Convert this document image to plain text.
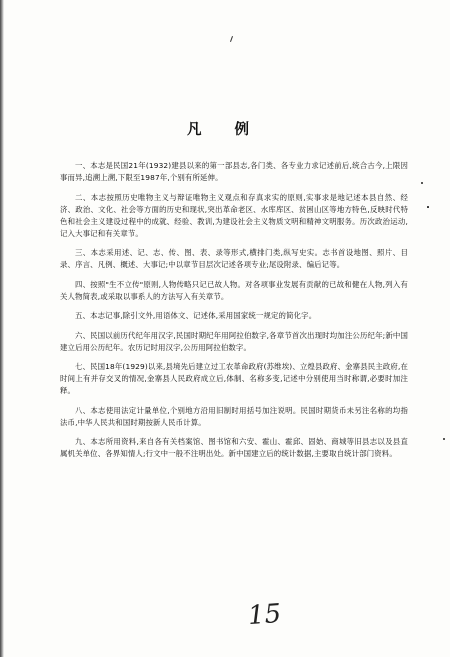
凡 例

一、本志是民国21年(1932)建县以来的第一部县志,各门类、各专业力求记述前后,统合古今,上限因事而异,追溯上溯,下限至1987年,个别有所延伸。

二、本志按照历史唯物主义与辩证唯物主义观点和存真求实的原则,实事求是地记述本县自然、经济、政治、文化、社会等方面的历史和现状,突出革命老区、水库库区、贫困山区等地方特色,反映时代特色和社会主义建设过程中的成就、经验、教训,为建设社会主义物质文明和精神文明服务。历次政治运动,记入大事记和有关章节。

三、本志采用述、记、志、传、图、表、录等形式,横排门类,纵写史实。志书首设地图、照片、目录、序言、凡例、概述、大事记;中以章节目层次记述各项专业;尾设附录、编后记等。

四、按照"生不立传"原则,人物传略只记已故人物。对各项事业发展有贡献的已故和健在人物,列入有关人物简表,或采取以事系人的方法写入有关章节。

五、本志记事,除引文外,用语体文、记述体,采用国家统一规定的简化字。

六、民国以前历代纪年用汉字,民国时期纪年用阿拉伯数字,各章节首次出现时均加注公历纪年;新中国建立后用公历纪年。农历记时用汉字,公历用阿拉伯数字。

七、民国18年(1929)以来,县境先后建立过工农革命政府(苏维埃)、立煌县政府、金寨县民主政府,在时间上有并存交叉的情况,金寨县人民政府成立后,体制、名称多变,记述中分别使用当时称谓,必要时加注释。

八、本志使用法定计量单位,个别地方沿用旧制时用括号加注说明。民国时期货币未另注名称的均指法币,中华人民共和国时期按新人民币计算。

九、本志所用资料,来自各有关档案馆、图书馆和六安、霍山、霍邱、固始、商城等旧县志以及县直属机关单位、各界知情人;行文中一般不注明出处。新中国建立后的统计数据,主要取自统计部门资料。

15
